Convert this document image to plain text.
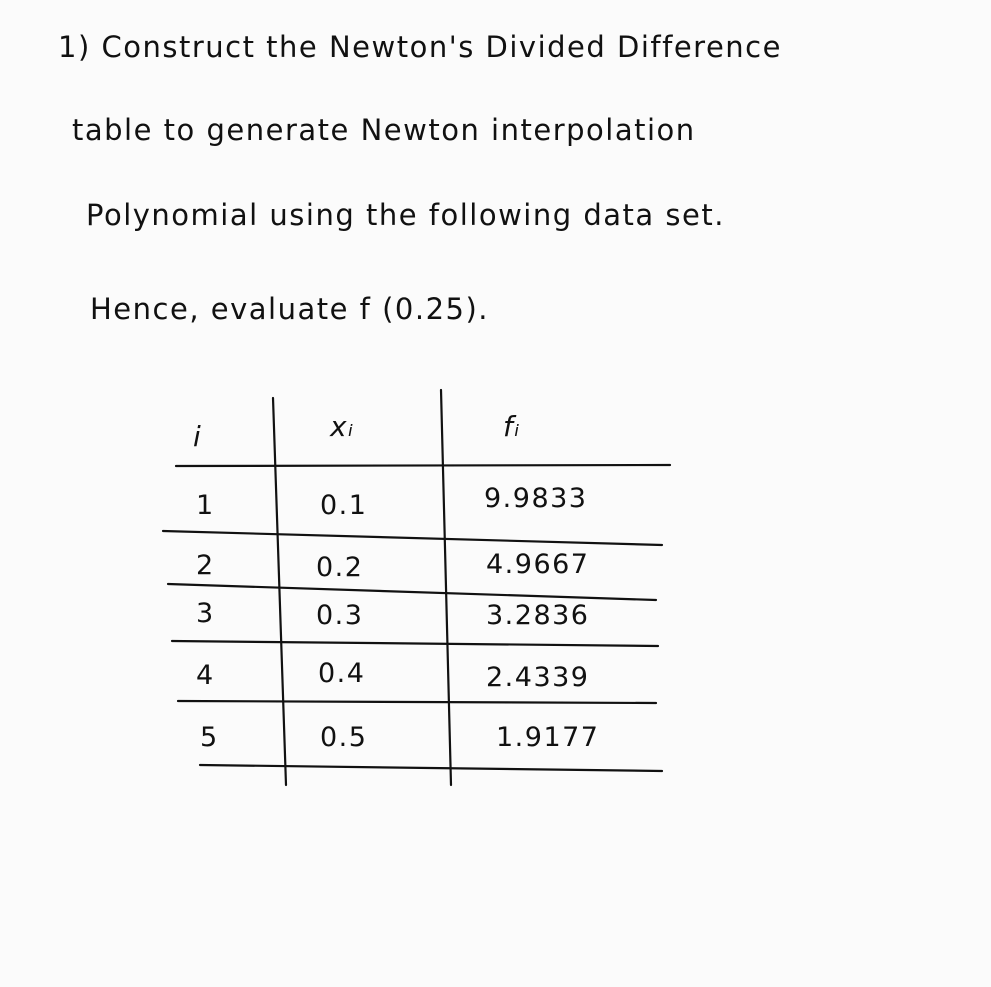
1) Construct the Newton's Divided Difference
table to generate Newton interpolation
Polynomial using the following data set.
Hence, evaluate f (0.25).
i	xᵢ	fᵢ
1	0.1	9.9833
2	0.2	4.9667
3	0.3	3.2836
4	0.4	2.4339
5	0.5	1.9177
